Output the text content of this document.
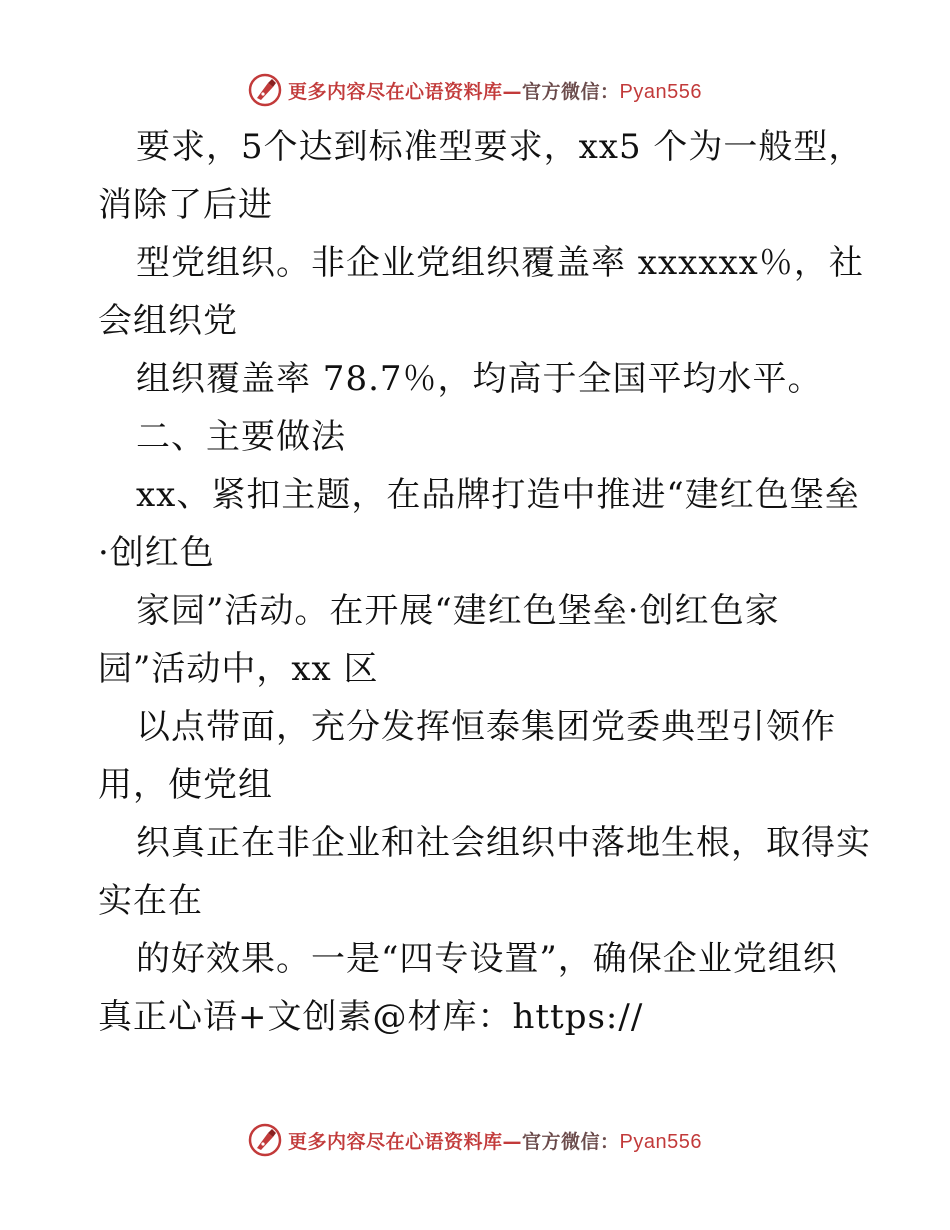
更多内容尽在心语资料库—官方微信：Pyan556
要求，5个达到标准型要求，xx5 个为一般型，
消除了后进
型党组织。非企业党组织覆盖率 xxxxxx％，社
会组织党
组织覆盖率 78.7％，均高于全国平均水平。
二、主要做法
xx、紧扣主题，在品牌打造中推进“建红色堡垒
·创红色
家园”活动。在开展“建红色堡垒·创红色家
园”活动中，xx 区
以点带面，充分发挥恒泰集团党委典型引领作
用，使党组
织真正在非企业和社会组织中落地生根，取得实
实在在
的好效果。一是“四专设置”，确保企业党组织
真正心语+文创素@材库：https://
更多内容尽在心语资料库—官方微信：Pyan556
